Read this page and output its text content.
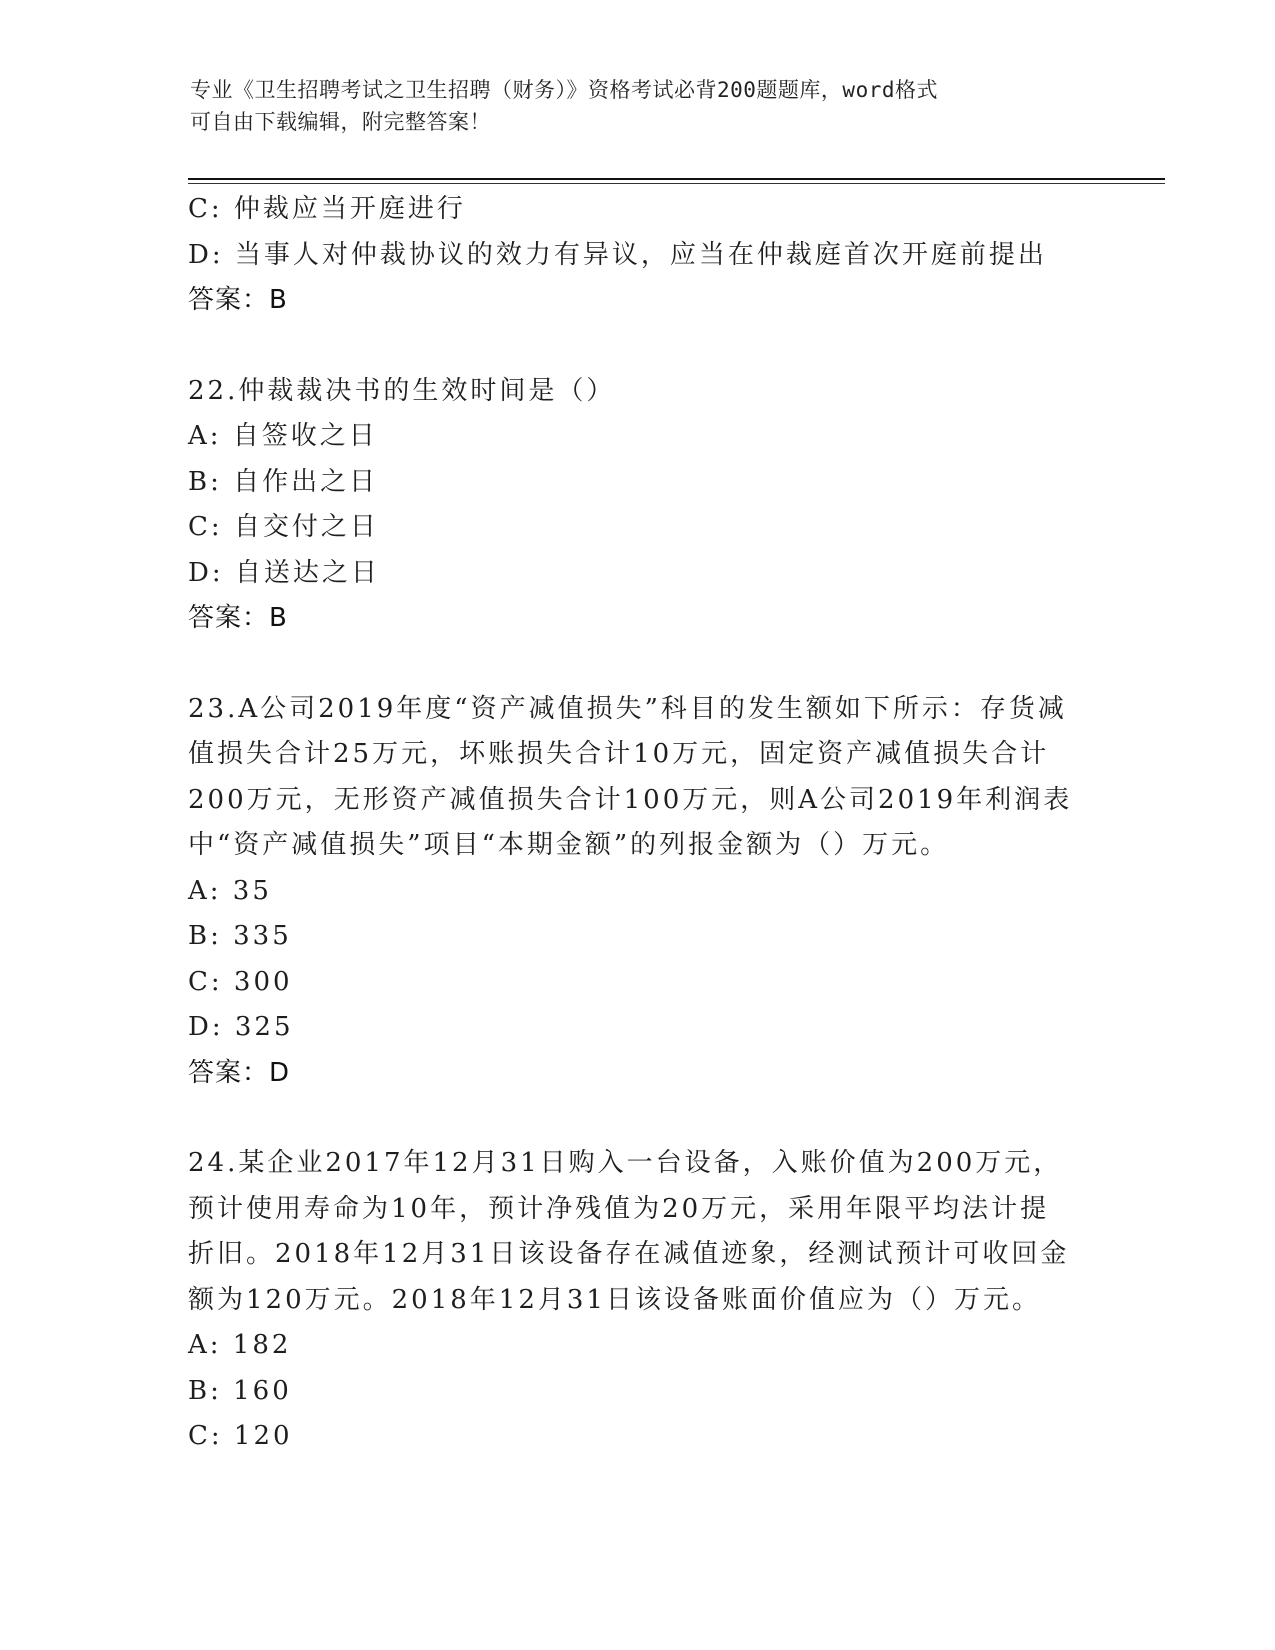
专业《卫生招聘考试之卫生招聘（财务）》资格考试必背200题题库，word格式
可自由下载编辑，附完整答案！
C: 仲裁应当开庭进行
D: 当事人对仲裁协议的效力有异议，应当在仲裁庭首次开庭前提出
答案：B
22.仲裁裁决书的生效时间是（）
A: 自签收之日
B: 自作出之日
C: 自交付之日
D: 自送达之日
答案：B
23.A公司2019年度“资产减值损失”科目的发生额如下所示：存货减
值损失合计25万元，坏账损失合计10万元，固定资产减值损失合计
200万元，无形资产减值损失合计100万元，则A公司2019年利润表
中“资产减值损失”项目“本期金额”的列报金额为（）万元。
A: 35
B: 335
C: 300
D: 325
答案：D
24.某企业2017年12月31日购入一台设备，入账价值为200万元，
预计使用寿命为10年，预计净残值为20万元，采用年限平均法计提
折旧。2018年12月31日该设备存在减值迹象，经测试预计可收回金
额为120万元。2018年12月31日该设备账面价值应为（）万元。
A: 182
B: 160
C: 120
